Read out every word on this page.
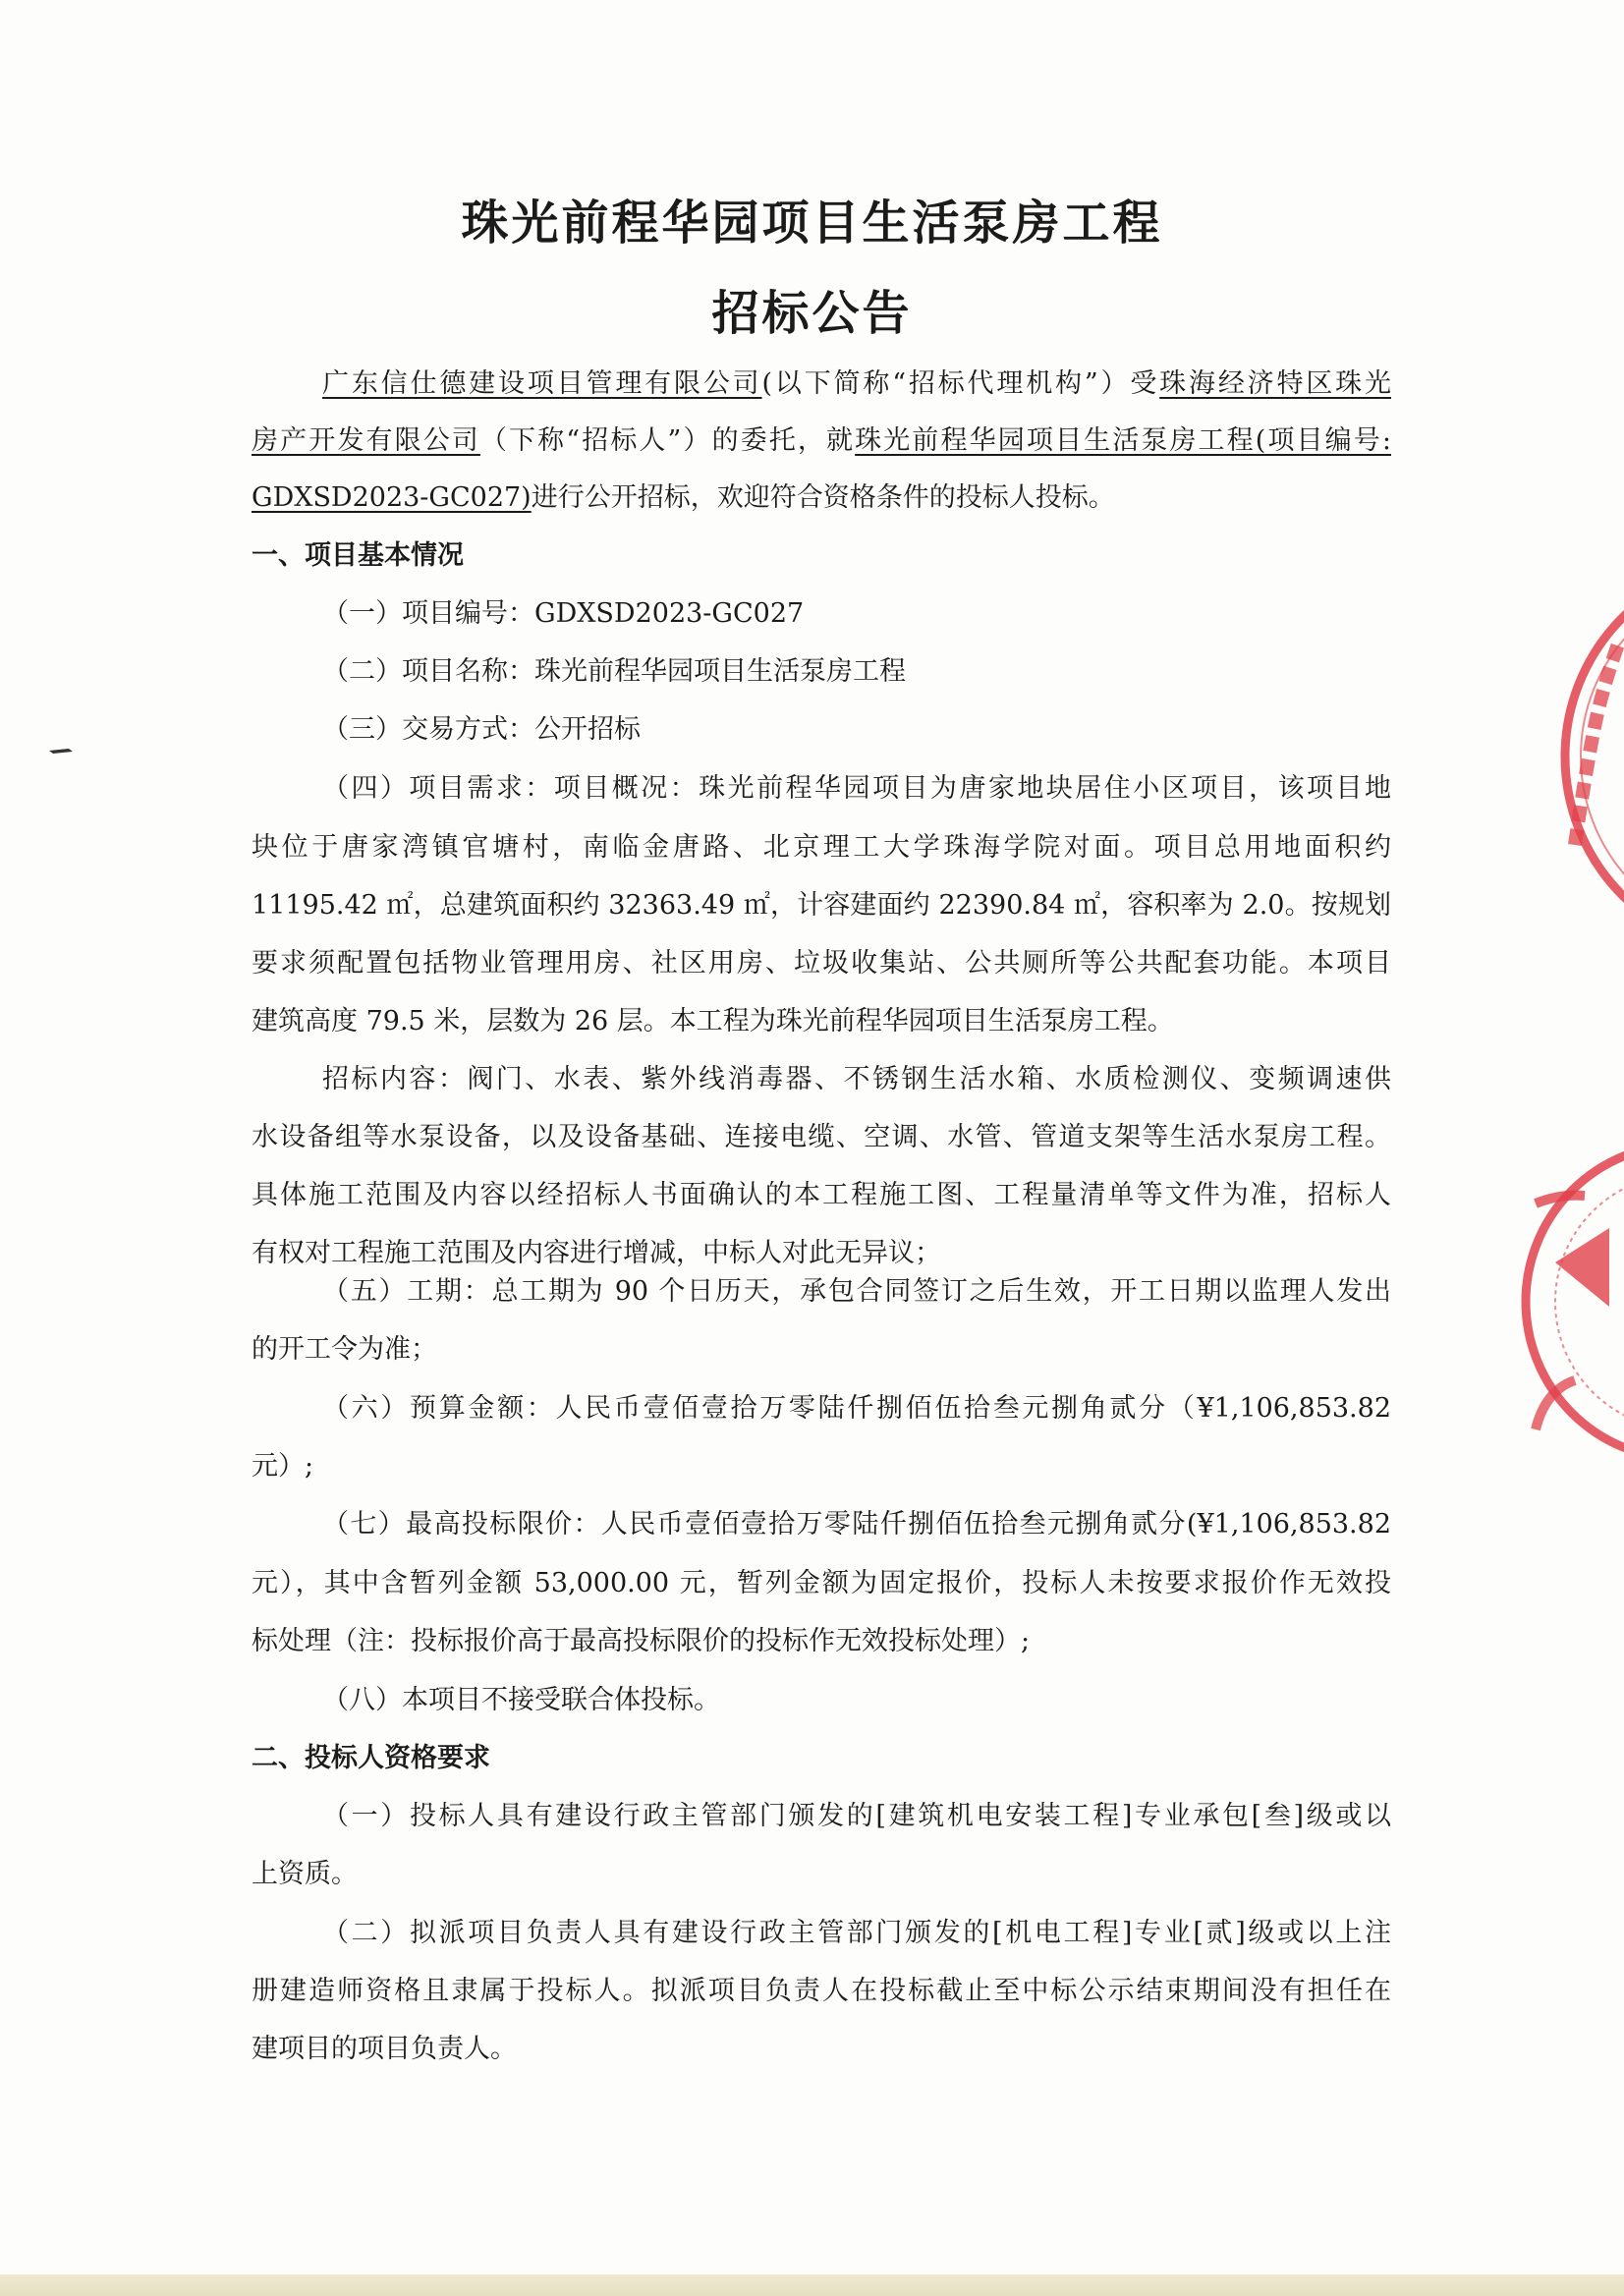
珠光前程华园项目生活泵房工程
招标公告

广东信仕德建设项目管理有限公司(以下简称“招标代理机构”）受珠海经济特区珠光

房产开发有限公司（下称“招标人”）的委托，就珠光前程华园项目生活泵房工程(项目编号:

GDXSD2023-GC027)进行公开招标，欢迎符合资格条件的投标人投标。

一、项目基本情况

（一）项目编号：GDXSD2023-GC027

（二）项目名称：珠光前程华园项目生活泵房工程

（三）交易方式：公开招标

（四）项目需求：项目概况：珠光前程华园项目为唐家地块居住小区项目，该项目地

块位于唐家湾镇官塘村，南临金唐路、北京理工大学珠海学院对面。项目总用地面积约

11195.42 ㎡，总建筑面积约 32363.49 ㎡，计容建面约 22390.84 ㎡，容积率为 2.0。按规划

要求须配置包括物业管理用房、社区用房、垃圾收集站、公共厕所等公共配套功能。本项目

建筑高度 79.5 米，层数为 26 层。本工程为珠光前程华园项目生活泵房工程。

招标内容：阀门、水表、紫外线消毒器、不锈钢生活水箱、水质检测仪、变频调速供

水设备组等水泵设备，以及设备基础、连接电缆、空调、水管、管道支架等生活水泵房工程。

具体施工范围及内容以经招标人书面确认的本工程施工图、工程量清单等文件为准，招标人

有权对工程施工范围及内容进行增减，中标人对此无异议；

（五）工期：总工期为 90 个日历天，承包合同签订之后生效，开工日期以监理人发出

的开工令为准；

（六）预算金额：人民币壹佰壹拾万零陆仟捌佰伍拾叁元捌角贰分（¥1,106,853.82

元）;

（七）最高投标限价：人民币壹佰壹拾万零陆仟捌佰伍拾叁元捌角贰分(¥1,106,853.82

元），其中含暂列金额 53,000.00 元，暂列金额为固定报价，投标人未按要求报价作无效投

标处理（注：投标报价高于最高投标限价的投标作无效投标处理）;

（八）本项目不接受联合体投标。

二、投标人资格要求

（一）投标人具有建设行政主管部门颁发的[建筑机电安装工程]专业承包[叁]级或以

上资质。

（二）拟派项目负责人具有建设行政主管部门颁发的[机电工程]专业[贰]级或以上注

册建造师资格且隶属于投标人。拟派项目负责人在投标截止至中标公示结束期间没有担任在

建项目的项目负责人。
